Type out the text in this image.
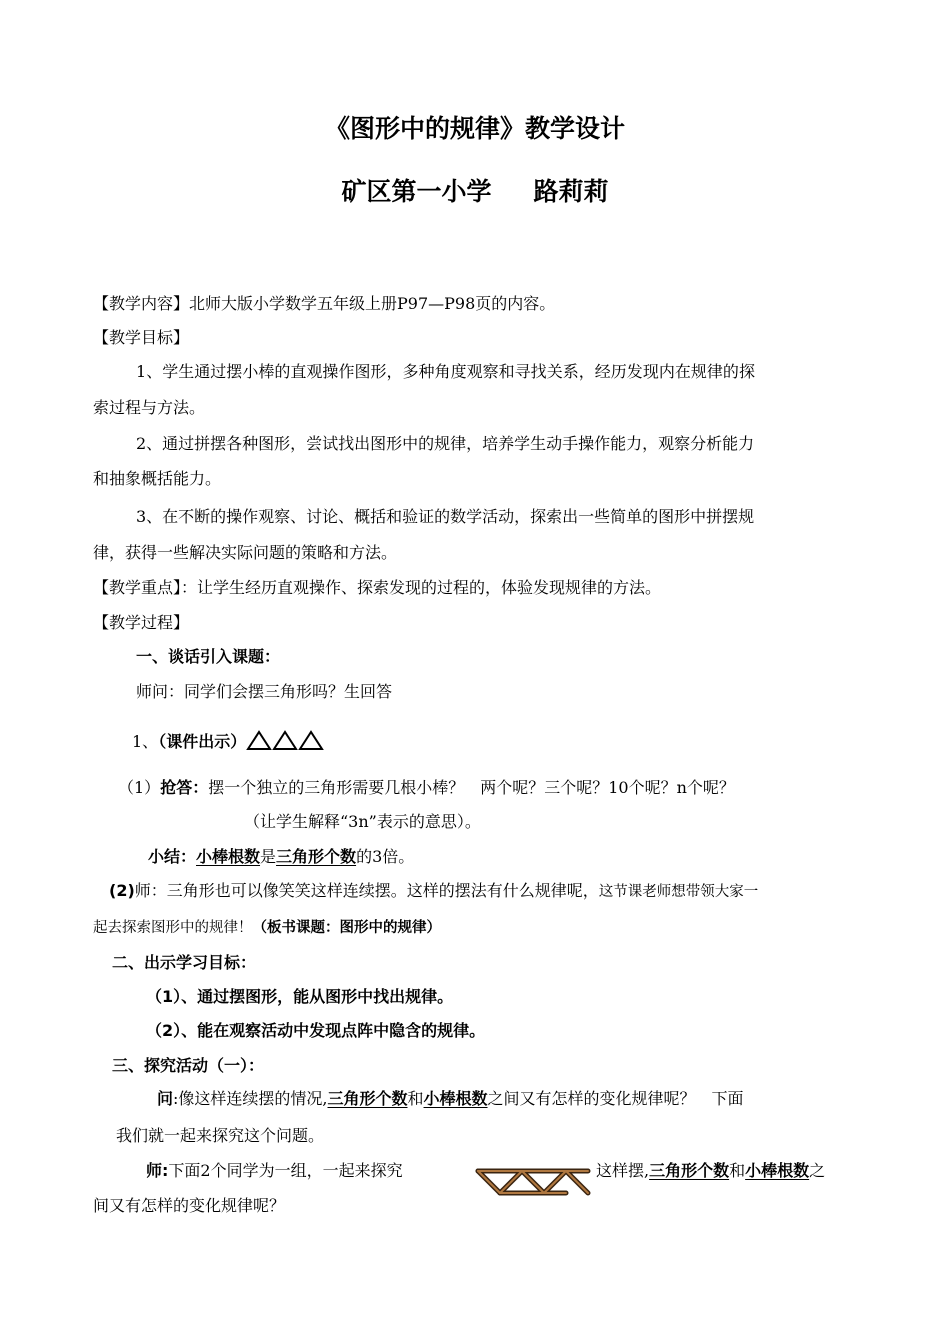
《图形中的规律》教学设计
矿区第一小学 路莉莉
【教学内容】北师大版小学数学五年级上册P97—P98页的内容。
【教学目标】
1、学生通过摆小棒的直观操作图形，多种角度观察和寻找关系，经历发现内在规律的探
索过程与方法。
2、通过拼摆各种图形，尝试找出图形中的规律，培养学生动手操作能力，观察分析能力
和抽象概括能力。
3、在不断的操作观察、讨论、概括和验证的数学活动，探索出一些简单的图形中拼摆规
律，获得一些解决实际问题的策略和方法。
【教学重点】：让学生经历直观操作、探索发现的过程的，体验发现规律的方法。
【教学过程】
一、谈话引入课题：
师问：同学们会摆三角形吗？生回答
1、（课件出示）
（1）抢答：摆一个独立的三角形需要几根小棒？　两个呢？三个呢？10个呢？n个呢？
（让学生解释“3n”表示的意思）。
小结：小棒根数是三角形个数的3倍。
(2)师：三角形也可以像笑笑这样连续摆。这样的摆法有什么规律呢，这节课老师想带领大家一
起去探索图形中的规律！（板书课题：图形中的规律）
二、出示学习目标：
（1）、通过摆图形，能从图形中找出规律。
（2）、能在观察活动中发现点阵中隐含的规律。
三、探究活动（一）：
问:像这样连续摆的情况,三角形个数和小棒根数之间又有怎样的变化规律呢？　下面
我们就一起来探究这个问题。
师:下面2个同学为一组，一起来探究	这样摆,三角形个数和小棒根数之
间又有怎样的变化规律呢？
